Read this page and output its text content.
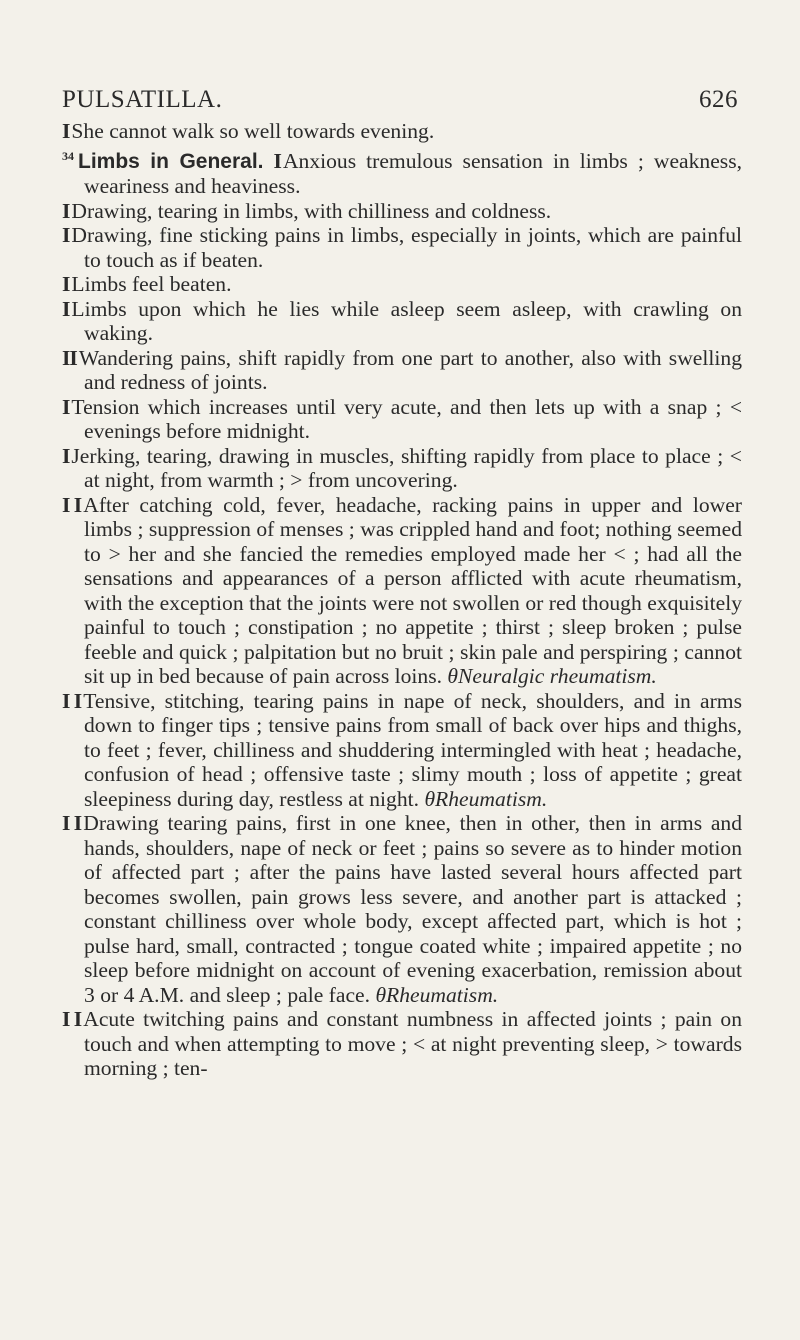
PULSATILLA.	626

IShe cannot walk so well towards evening.

$^{34}$ Limbs in General. IAnxious tremulous sensation in limbs ; weakness, weariness and heaviness.

IDrawing, tearing in limbs, with chilliness and coldness.

IDrawing, fine sticking pains in limbs, especially in joints, which are painful to touch as if beaten.

ILimbs feel beaten.

ILimbs upon which he lies while asleep seem asleep, with crawling on waking.

IIWandering pains, shift rapidly from one part to another, also with swelling and redness of joints.

ITension which increases until very acute, and then lets up with a snap ; < evenings before midnight.

IJerking, tearing, drawing in muscles, shifting rapidly from place to place ; < at night, from warmth ; > from uncovering.

I IAfter catching cold, fever, headache, racking pains in upper and lower limbs ; suppression of menses ; was crippled hand and foot; nothing seemed to > her and she fancied the remedies employed made her < ; had all the sensations and appearances of a person afflicted with acute rheumatism, with the exception that the joints were not swollen or red though exquisitely painful to touch ; constipation ; no appetite ; thirst ; sleep broken ; pulse feeble and quick ; palpitation but no bruit ; skin pale and perspiring ; cannot sit up in bed because of pain across loins. θNeuralgic rheumatism.

I ITensive, stitching, tearing pains in nape of neck, shoulders, and in arms down to finger tips ; tensive pains from small of back over hips and thighs, to feet ; fever, chilliness and shuddering intermingled with heat ; headache, confusion of head ; offensive taste ; slimy mouth ; loss of appetite ; great sleepiness during day, restless at night. θRheumatism.

I IDrawing tearing pains, first in one knee, then in other, then in arms and hands, shoulders, nape of neck or feet ; pains so severe as to hinder motion of affected part ; after the pains have lasted several hours affected part becomes swollen, pain grows less severe, and another part is attacked ; constant chilliness over whole body, except affected part, which is hot ; pulse hard, small, contracted ; tongue coated white ; impaired appetite ; no sleep before midnight on account of evening exacerbation, remission about 3 or 4 A.M. and sleep ; pale face. θRheumatism.

I IAcute twitching pains and constant numbness in affected joints ; pain on touch and when attempting to move ; < at night preventing sleep, > towards morning ; ten-
